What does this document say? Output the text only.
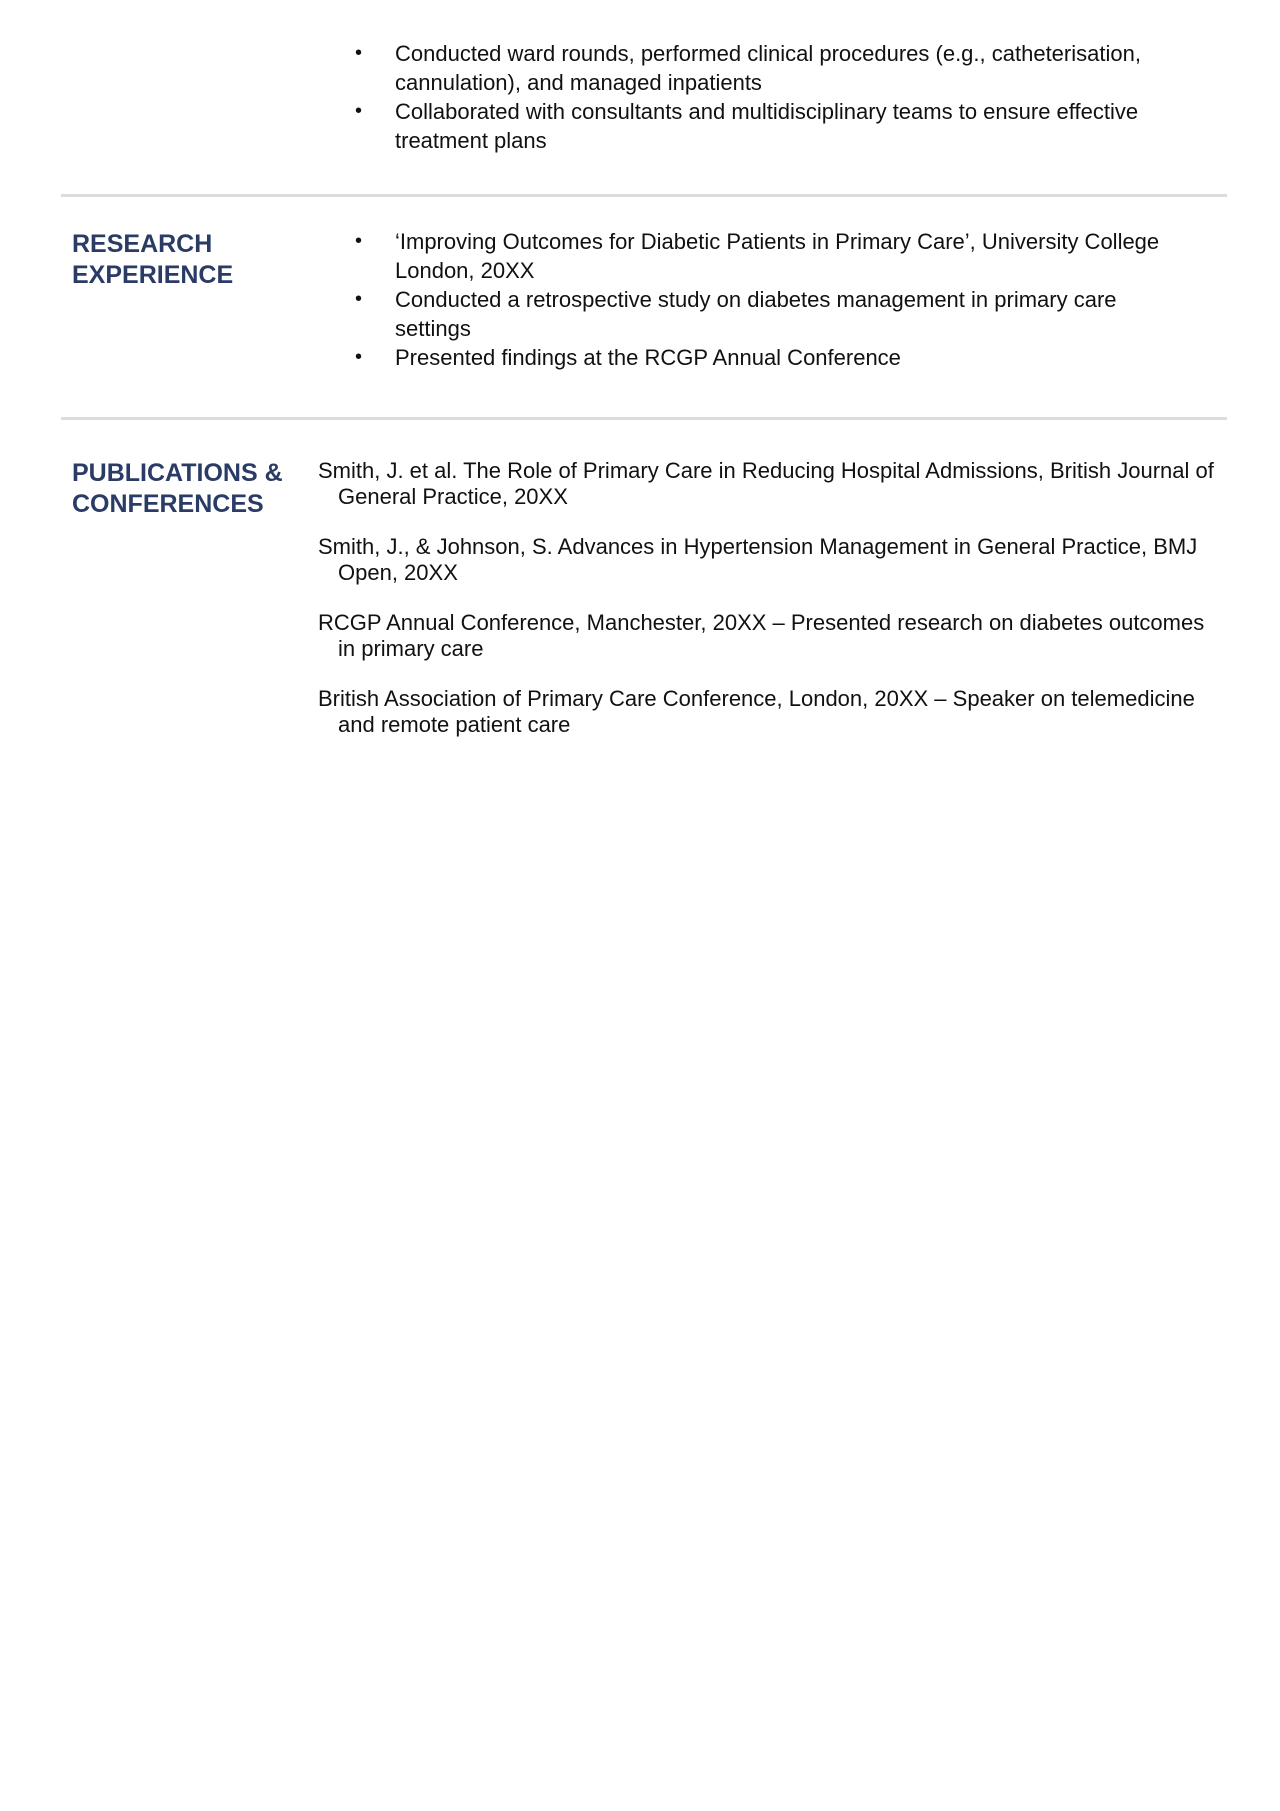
• Conducted ward rounds, performed clinical procedures (e.g., catheterisation, cannulation), and managed inpatients
• Collaborated with consultants and multidisciplinary teams to ensure effective treatment plans
RESEARCH
EXPERIENCE
• ‘Improving Outcomes for Diabetic Patients in Primary Care’, University College London, 20XX
• Conducted a retrospective study on diabetes management in primary care settings
• Presented findings at the RCGP Annual Conference
PUBLICATIONS &
CONFERENCES
Smith, J. et al. The Role of Primary Care in Reducing Hospital Admissions, British Journal of General Practice, 20XX
Smith, J., & Johnson, S. Advances in Hypertension Management in General Practice, BMJ Open, 20XX
RCGP Annual Conference, Manchester, 20XX – Presented research on diabetes outcomes in primary care
British Association of Primary Care Conference, London, 20XX – Speaker on telemedicine and remote patient care
